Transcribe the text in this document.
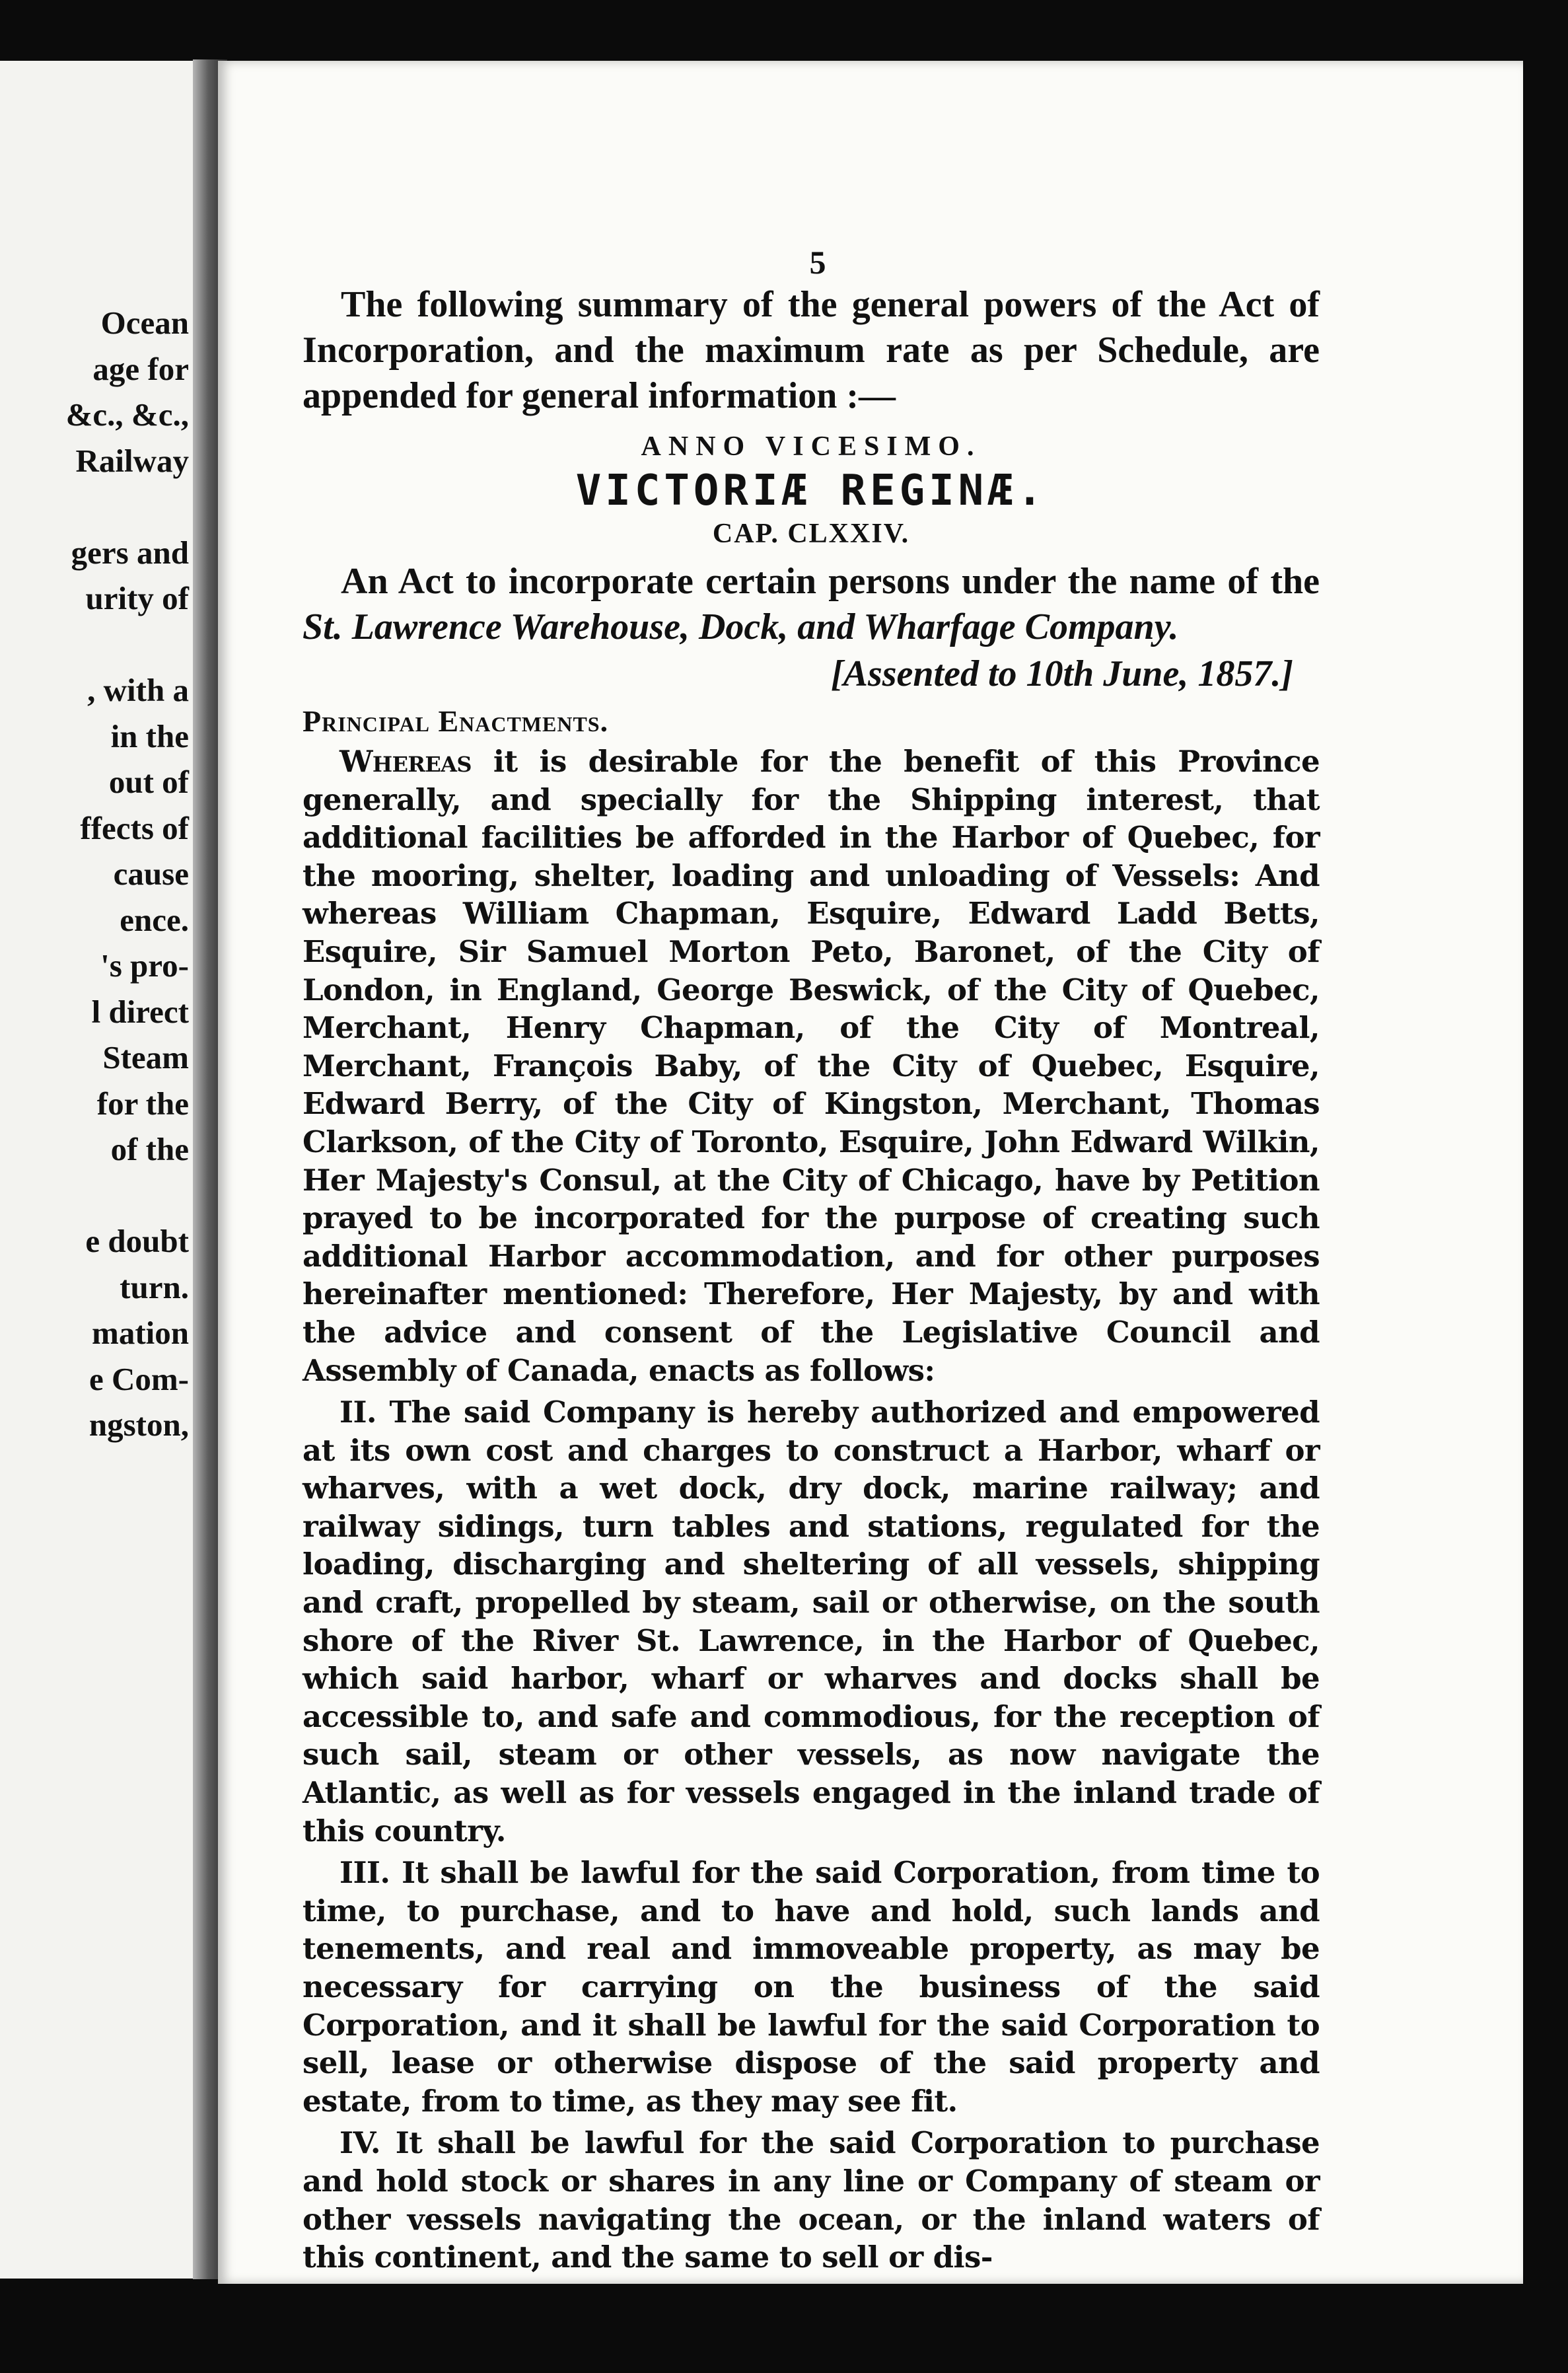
Ocean
age for
&c., &c.,
Railway

gers and
urity of

, with a
in the
out of
ffects of
cause
ence.
's pro-
l direct
Steam
for the
of the

e doubt
turn.
mation
e Com-
ngston,
5

The following summary of the general powers of the Act of Incorporation, and the maximum rate as per Schedule, are appended for general information :—

ANNO VICESIMO.
VICTORIÆ REGINÆ.
CAP. CLXXIV.

An Act to incorporate certain persons under the name of the St. Lawrence Warehouse, Dock, and Wharfage Company.

[Assented to 10th June, 1857.]
Principal Enactments.

Whereas it is desirable for the benefit of this Province generally, and specially for the Shipping interest, that additional facilities be afforded in the Harbor of Quebec, for the mooring, shelter, loading and unloading of Vessels: And whereas William Chapman, Esquire, Edward Ladd Betts, Esquire, Sir Samuel Morton Peto, Baronet, of the City of London, in England, George Beswick, of the City of Quebec, Merchant, Henry Chapman, of the City of Montreal, Merchant, François Baby, of the City of Quebec, Esquire, Edward Berry, of the City of Kingston, Merchant, Thomas Clarkson, of the City of Toronto, Esquire, John Edward Wilkin, Her Majesty's Consul, at the City of Chicago, have by Petition prayed to be incorporated for the purpose of creating such additional Harbor accommodation, and for other purposes hereinafter mentioned: Therefore, Her Majesty, by and with the advice and consent of the Legislative Council and Assembly of Canada, enacts as follows:

II. The said Company is hereby authorized and empowered at its own cost and charges to construct a Harbor, wharf or wharves, with a wet dock, dry dock, marine railway; and railway sidings, turn tables and stations, regulated for the loading, discharging and sheltering of all vessels, shipping and craft, propelled by steam, sail or otherwise, on the south shore of the River St. Lawrence, in the Harbor of Quebec, which said harbor, wharf or wharves and docks shall be accessible to, and safe and commodious, for the reception of such sail, steam or other vessels, as now navigate the Atlantic, as well as for vessels engaged in the inland trade of this country.

III. It shall be lawful for the said Corporation, from time to time, to purchase, and to have and hold, such lands and tenements, and real and immoveable property, as may be necessary for carrying on the business of the said Corporation, and it shall be lawful for the said Corporation to sell, lease or otherwise dispose of the said property and estate, from to time, as they may see fit.

IV. It shall be lawful for the said Corporation to purchase and hold stock or shares in any line or Company of steam or other vessels navigating the ocean, or the inland waters of this continent, and the same to sell or dis-
